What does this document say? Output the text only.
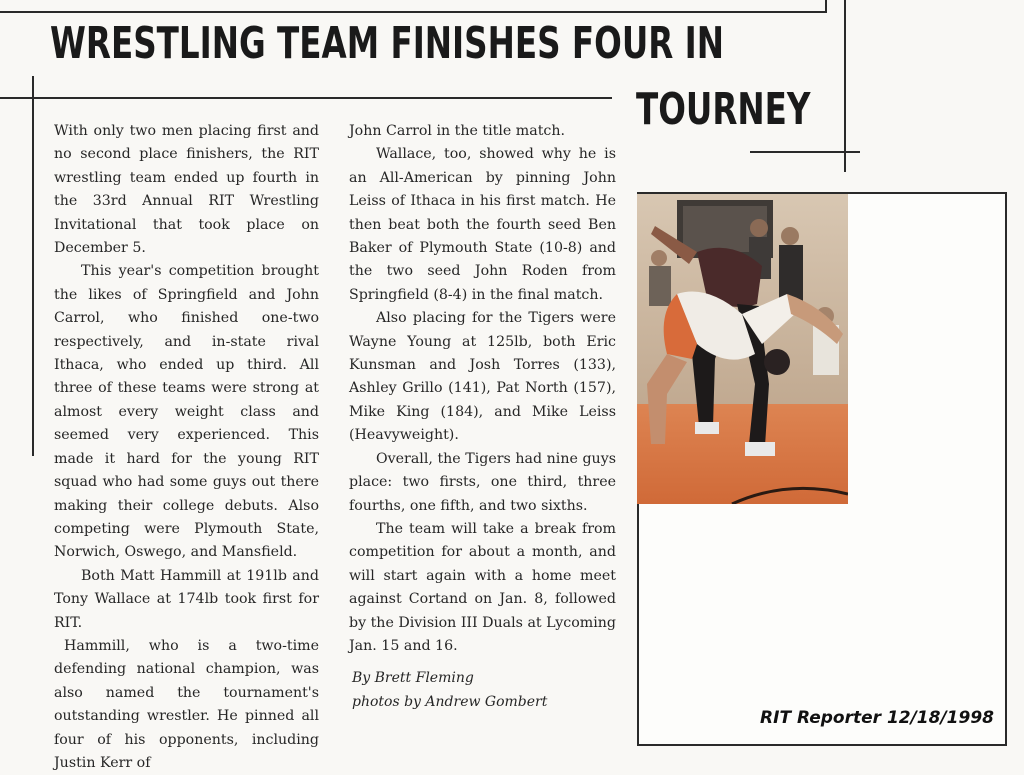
WRESTLING TEAM FINISHES FOUR IN
TOURNEY

With only two men placing first and no second place finishers, the RIT wrestling team ended up fourth in the 33rd Annual RIT Wrestling Invitational that took place on December 5.

This year's competition brought the likes of Springfield and John Carrol, who finished one-two respectively, and in-state rival Ithaca, who ended up third. All three of these teams were strong at almost every weight class and seemed very experienced. This made it hard for the young RIT squad who had some guys out there making their college debuts. Also competing were Plymouth State, Norwich, Oswego, and Mansfield.

Both Matt Hammill at 191lb and Tony Wallace at 174lb took first for RIT.

Hammill, who is a two-time defending national champion, was also named the tournament's outstanding wrestler. He pinned all four of his opponents, including Justin Kerr of

John Carrol in the title match.

Wallace, too, showed why he is an All-American by pinning John Leiss of Ithaca in his first match. He then beat both the fourth seed Ben Baker of Plymouth State (10-8) and the two seed John Roden from Springfield (8-4) in the final match.

Also placing for the Tigers were Wayne Young at 125lb, both Eric Kunsman and Josh Torres (133), Ashley Grillo (141), Pat North (157), Mike King (184), and Mike Leiss (Heavyweight).

Overall, the Tigers had nine guys place: two firsts, one third, three fourths, one fifth, and two sixths.

The team will take a break from competition for about a month, and will start again with a home meet against Cortand on Jan. 8, followed by the Division III Duals at Lycoming Jan. 15 and 16.

By Brett Fleming
photos by Andrew Gombert
RIT Reporter 12/18/1998
